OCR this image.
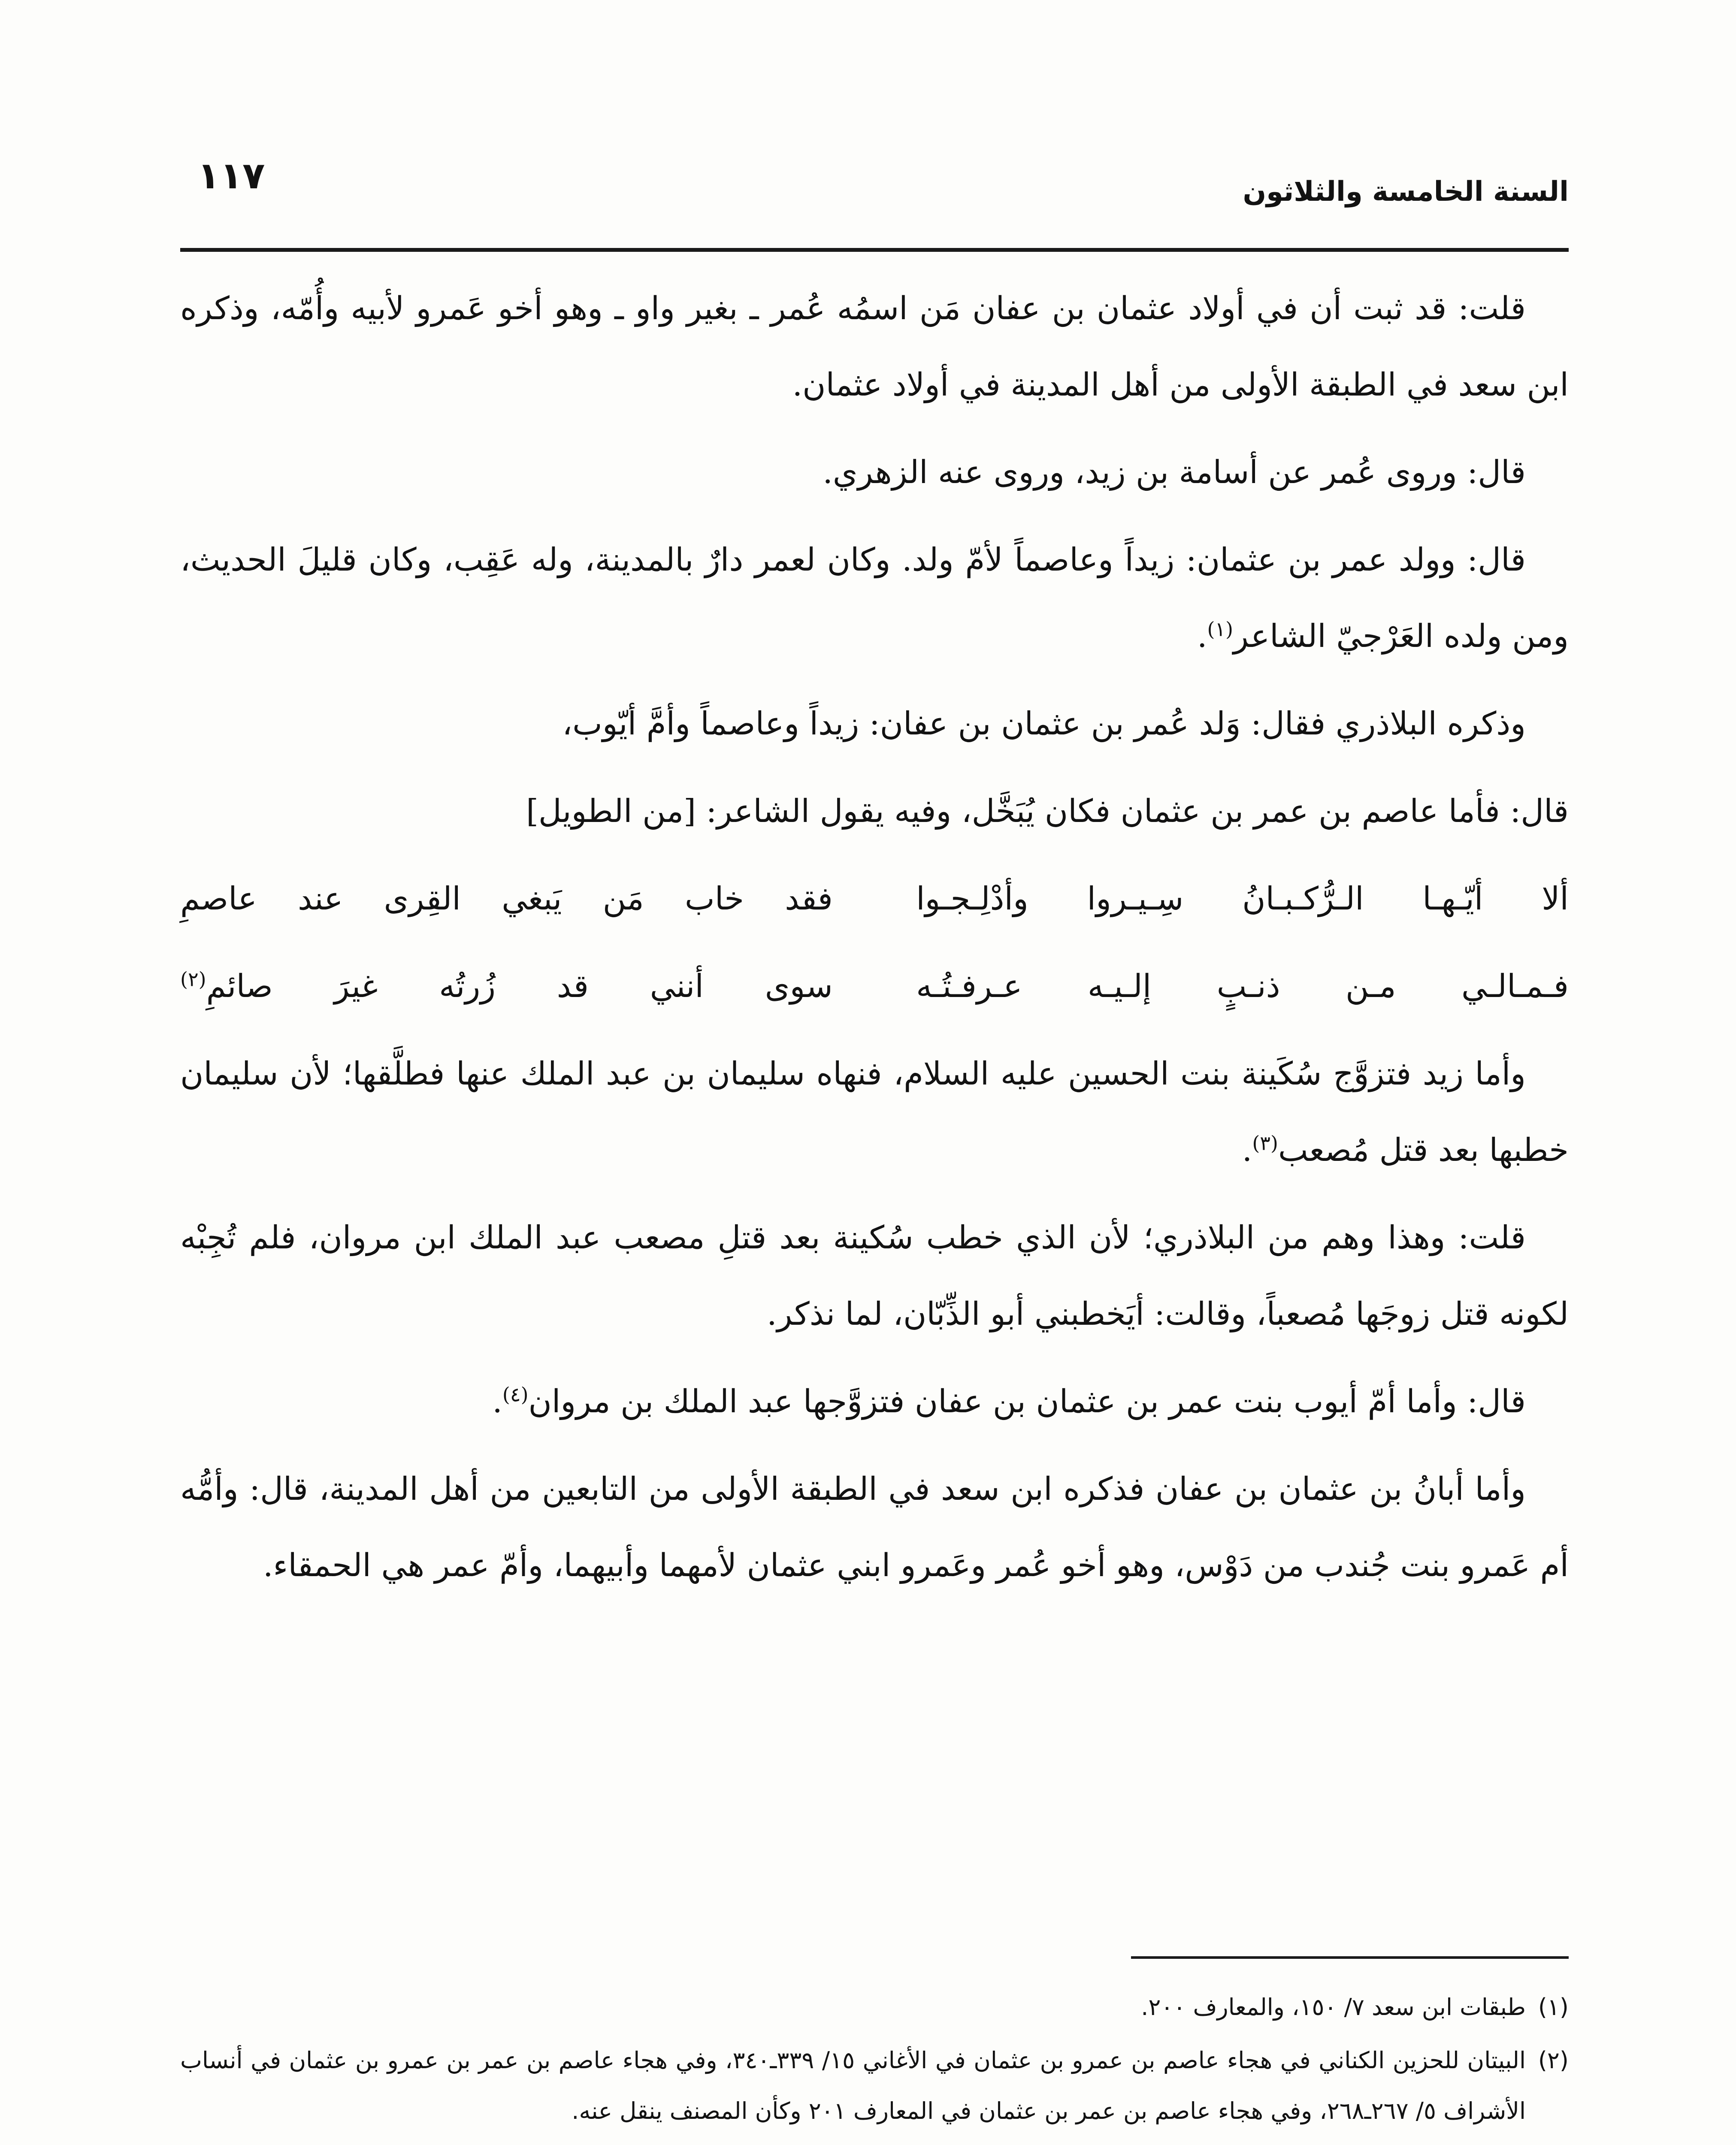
السنة الخامسة والثلاثون
١١٧

قلت: قد ثبت أن في أولاد عثمان بن عفان مَن اسمُه عُمر ـ بغير واو ـ وهو أخو عَمرو لأبيه وأُمّه، وذكره ابن سعد في الطبقة الأولى من أهل المدينة في أولاد عثمان.

قال: وروى عُمر عن أسامة بن زيد، وروى عنه الزهري.

قال: وولد عمر بن عثمان: زيداً وعاصماً لأمّ ولد. وكان لعمر دارٌ بالمدينة، وله عَقِب، وكان قليلَ الحديث، ومن ولده العَرْجيّ الشاعر$^{(١)}$.

وذكره البلاذري فقال: وَلد عُمر بن عثمان بن عفان: زيداً وعاصماً وأمَّ أيّوب،

قال: فأما عاصم بن عمر بن عثمان فكان يُبَخَّل، وفيه يقول الشاعر: [من الطويل]

ألا أيّـهـا الـرُّكـبـانُ سِـيـروا وأدْلِـجـوا
فقد خاب مَن يَبغي القِرى عند عاصمِ
فـمـالـي مـن ذنـبٍ إلـيـه عـرفـتُـه
سوى أنني قد زُرتُه غيرَ صائمِ$^{(٢)}$

وأما زيد فتزوَّج سُكَينة بنت الحسين عليه السلام، فنهاه سليمان بن عبد الملك عنها فطلَّقها؛ لأن سليمان خطبها بعد قتل مُصعب$^{(٣)}$.

قلت: وهذا وهم من البلاذري؛ لأن الذي خطب سُكينة بعد قتلِ مصعب عبد الملك ابن مروان، فلم تُجِبْه لكونه قتل زوجَها مُصعباً، وقالت: أيَخطبني أبو الذِّبّان، لما نذكر.

قال: وأما أمّ أيوب بنت عمر بن عثمان بن عفان فتزوَّجها عبد الملك بن مروان$^{(٤)}$.

وأما أبانُ بن عثمان بن عفان فذكره ابن سعد في الطبقة الأولى من التابعين من أهل المدينة، قال: وأمُّه أم عَمرو بنت جُندب من دَوْس، وهو أخو عُمر وعَمرو ابني عثمان لأمهما وأبيهما، وأمّ عمر هي الحمقاء.

(١)
طبقات ابن سعد ٧/ ١٥٠، والمعارف ٢٠٠.
(٢)
البيتان للحزين الكناني في هجاء عاصم بن عمرو بن عثمان في الأغاني ١٥/ ٣٣٩ـ٣٤٠، وفي هجاء عاصم بن عمر بن عمرو بن عثمان في أنساب الأشراف ٥/ ٢٦٧ـ٢٦٨، وفي هجاء عاصم بن عمر بن عثمان في المعارف ٢٠١ وكأن المصنف ينقل عنه.
